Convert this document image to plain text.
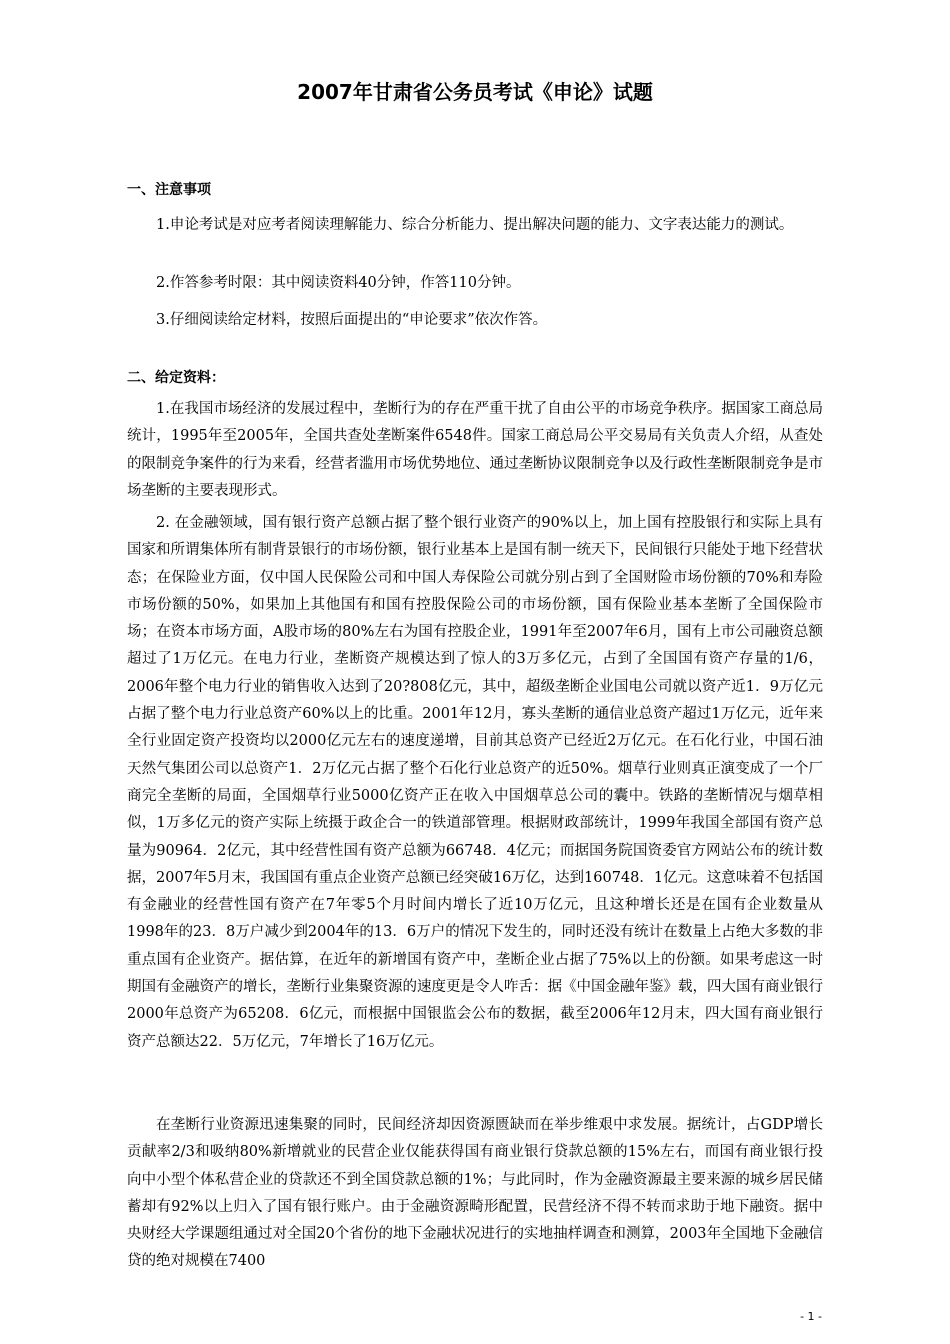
2007年甘肃省公务员考试《申论》试题
一、注意事项

1.申论考试是对应考者阅读理解能力、综合分析能力、提出解决问题的能力、文字表达能力的测试。

2.作答参考时限：其中阅读资料40分钟，作答110分钟。

3.仔细阅读给定材料，按照后面提出的“申论要求”依次作答。

二、给定资料：

1.在我国市场经济的发展过程中，垄断行为的存在严重干扰了自由公平的市场竞争秩序。据国家工商总局统计，1995年至2005年，全国共查处垄断案件6548件。国家工商总局公平交易局有关负责人介绍，从查处的限制竞争案件的行为来看，经营者滥用市场优势地位、通过垄断协议限制竞争以及行政性垄断限制竞争是市场垄断的主要表现形式。

2. 在金融领域，国有银行资产总额占据了整个银行业资产的90%以上，加上国有控股银行和实际上具有国家和所谓集体所有制背景银行的市场份额，银行业基本上是国有制一统天下，民间银行只能处于地下经营状态；在保险业方面，仅中国人民保险公司和中国人寿保险公司就分别占到了全国财险市场份额的70%和寿险市场份额的50%，如果加上其他国有和国有控股保险公司的市场份额，国有保险业基本垄断了全国保险市场；在资本市场方面，A股市场的80%左右为国有控股企业，1991年至2007年6月，国有上市公司融资总额超过了1万亿元。在电力行业，垄断资产规模达到了惊人的3万多亿元，占到了全国国有资产存量的1/6，2006年整个电力行业的销售收入达到了20?808亿元，其中，超级垄断企业国电公司就以资产近1．9万亿元占据了整个电力行业总资产60%以上的比重。2001年12月，寡头垄断的通信业总资产超过1万亿元，近年来全行业固定资产投资均以2000亿元左右的速度递增，目前其总资产已经近2万亿元。在石化行业，中国石油天然气集团公司以总资产1．2万亿元占据了整个石化行业总资产的近50%。烟草行业则真正演变成了一个厂商完全垄断的局面，全国烟草行业5000亿资产正在收入中国烟草总公司的囊中。铁路的垄断情况与烟草相似，1万多亿元的资产实际上统摄于政企合一的铁道部管理。根据财政部统计，1999年我国全部国有资产总量为90964．2亿元，其中经营性国有资产总额为66748．4亿元；而据国务院国资委官方网站公布的统计数据，2007年5月末，我国国有重点企业资产总额已经突破16万亿，达到160748．1亿元。这意味着不包括国有金融业的经营性国有资产在7年零5个月时间内增长了近10万亿元，且这种增长还是在国有企业数量从1998年的23．8万户减少到2004年的13．6万户的情况下发生的，同时还没有统计在数量上占绝大多数的非重点国有企业资产。据估算，在近年的新增国有资产中，垄断企业占据了75%以上的份额。如果考虑这一时期国有金融资产的增长，垄断行业集聚资源的速度更是令人咋舌：据《中国金融年鉴》载，四大国有商业银行2000年总资产为65208．6亿元，而根据中国银监会公布的数据，截至2006年12月末，四大国有商业银行资产总额达22．5万亿元，7年增长了16万亿元。

在垄断行业资源迅速集聚的同时，民间经济却因资源匮缺而在举步维艰中求发展。据统计，占GDP增长贡献率2/3和吸纳80%新增就业的民营企业仅能获得国有商业银行贷款总额的15%左右，而国有商业银行投向中小型个体私营企业的贷款还不到全国贷款总额的1%；与此同时，作为金融资源最主要来源的城乡居民储蓄却有92%以上归入了国有银行账户。由于金融资源畸形配置，民营经济不得不转而求助于地下融资。据中央财经大学课题组通过对全国20个省份的地下金融状况进行的实地抽样调查和测算，2003年全国地下金融信贷的绝对规模在7400

- 1 -
